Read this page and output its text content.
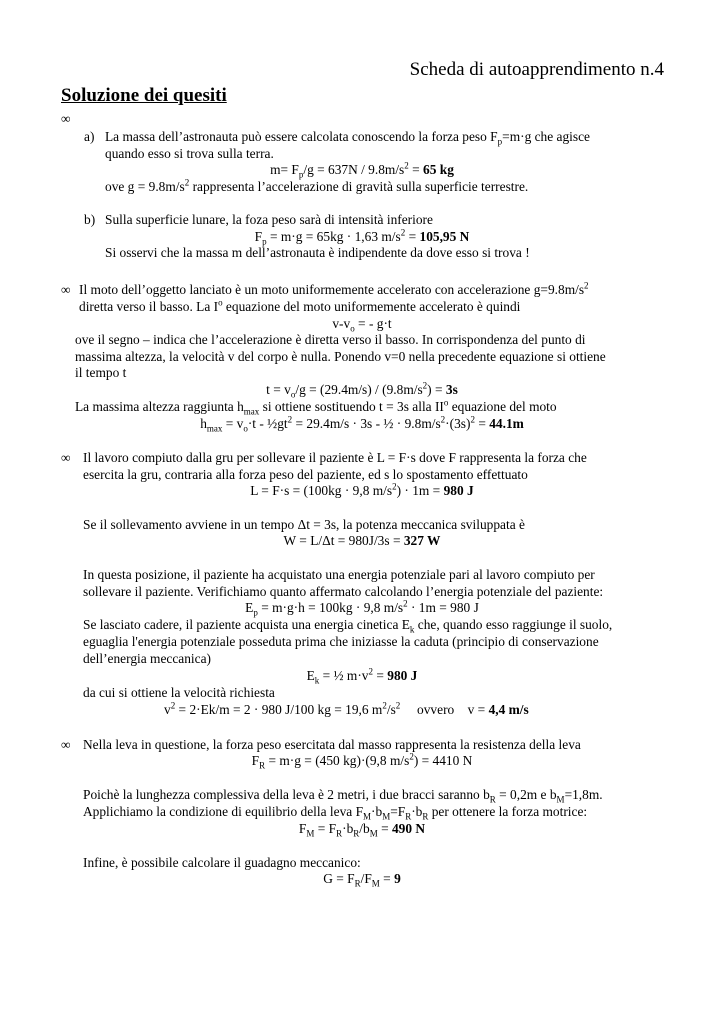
Scheda di autoapprendimento n.4
Soluzione dei quesiti
∞
a) La massa dell’astronauta può essere calcolata conoscendo la forza peso $F_p=m\cdot g$ che agisce
quando esso si trova sulla terra.
$m= F_p/g = 637N / 9.8m/s^2 = 65$ kg
ove $g = 9.8m/s^2$ rappresenta l’accelerazione di gravità sulla superficie terrestre.
b) Sulla superficie lunare, la foza peso sarà di intensità inferiore
$F_p = m\cdot g = 65kg \cdot 1,63$ $m/s^2 = 105,95$ N
Si osservi che la massa m dell’astronauta è indipendente da dove esso si trova !
∞ Il moto dell’oggetto lanciato è un moto uniformemente accelerato con accelerazione $g=9.8m/s^2$
diretta verso il basso. La $I^o$ equazione del moto uniformemente accelerato è quindi
$v-v_o$ = - g·t
ove il segno – indica che l’accelerazione è diretta verso il basso. In corrispondenza del punto di
massima altezza, la velocità v del corpo è nulla. Ponendo v=0 nella precedente equazione si ottiene
il tempo t
$t = v_o/g = (29.4m/s) / (9.8m/s^2) = 3s$
La massima altezza raggiunta $h_{max}$ si ottiene sostituendo t = 3s alla $II^o$ equazione del moto
$h_{max} = v_o\cdot t$ - $\frac{1}{2}gt^2 = 29.4m/s \cdot 3s$ - ½ · $9.8m/s^2\cdot(3s)^2 = 44.1m$
∞ Il lavoro compiuto dalla gru per sollevare il paziente è L = F·s dove F rappresenta la forza che
esercita la gru, contraria alla forza peso del paziente, ed s lo spostamento effettuato
L = F·s = (100kg · 9,8 $m/s^2) \cdot 1m = 980$ J
Se il sollevamento avviene in un tempo Δt = 3s, la potenza meccanica sviluppata è
W = L/Δt = 980J/3s = 327 W
In questa posizione, il paziente ha acquistato una energia potenziale pari al lavoro compiuto per
sollevare il paziente. Verifichiamo quanto affermato calcolando l’energia potenziale del paziente:
$E_p = m\cdot g\cdot h = 100kg \cdot 9,8$ $m/s^2 \cdot 1m = 980$ J
Se lasciato cadere, il paziente acquista una energia cinetica $E_k$ che, quando esso raggiunge il suolo,
eguaglia l'energia potenziale posseduta prima che iniziasse la caduta (principio di conservazione
dell’energia meccanica)
$E_k$ = ½ $m\cdot v^2 = 980$ J
da cui si ottiene la velocità richiesta
$v^2 = 2\cdot Ek/m = 2 \cdot 980$ J/100 kg = 19,6 $m^2/s^2$     ovvero    v = 4,4 m/s
∞ Nella leva in questione, la forza peso esercitata dal masso rappresenta la resistenza della leva
$F_R = m\cdot g = (450$ kg)·(9,8 $m/s^2) = 4410$ N
Poichè la lunghezza complessiva della leva è 2 metri, i due bracci saranno $b_R = 0,2m$ e $b_M=1,8m$.
Applichiamo la condizione di equilibrio della leva $F_M\cdot b_M=F_R\cdot b_R$ per ottenere la forza motrice:
$F_M = F_R\cdot b_R/b_M = 490$ N
Infine, è possibile calcolare il guadagno meccanico:
$G = F_R/F_M = 9$
